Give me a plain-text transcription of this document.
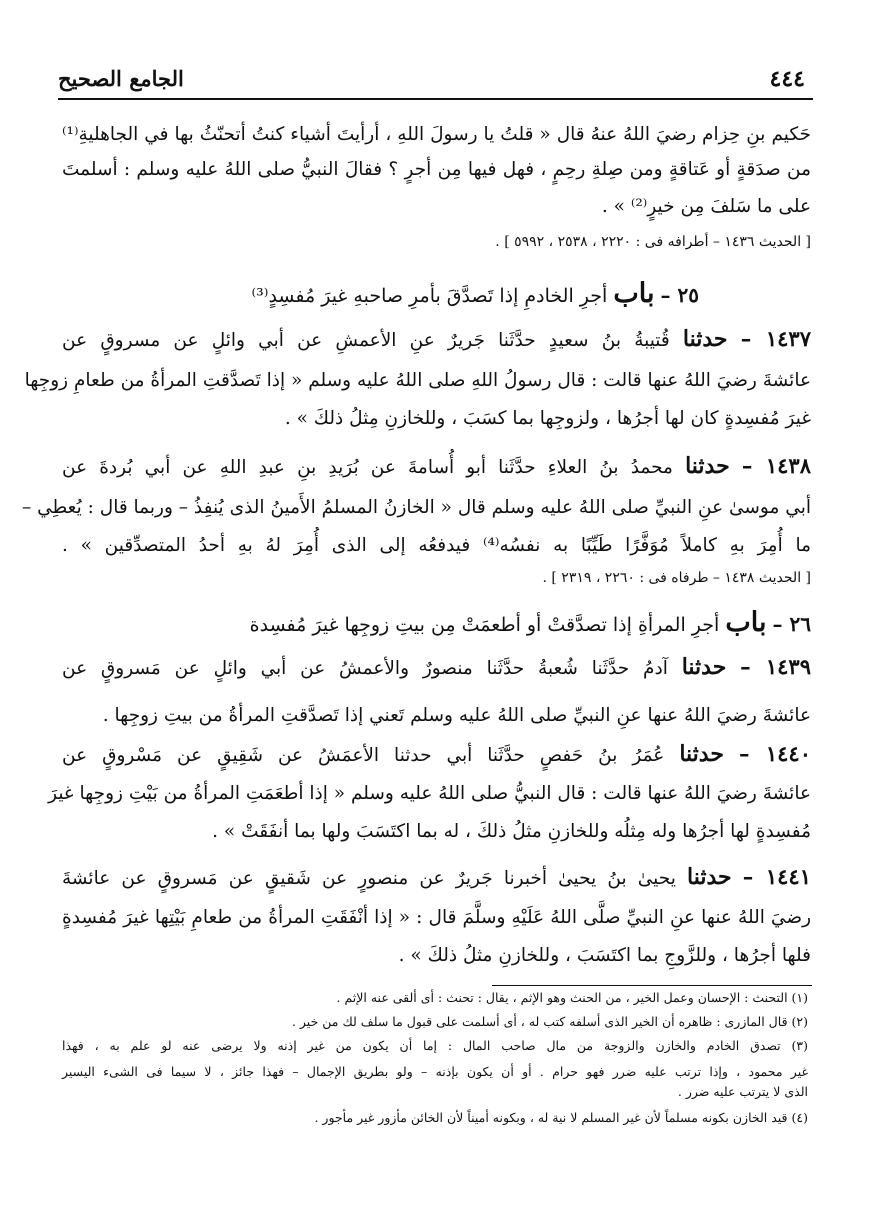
الجامع الصحيح	٤٤٤
حَكيم بنِ حِزام رضيَ اللهُ عنهُ قال « قلتُ يا رسولَ اللهِ ، أرأيتَ أشياء كنتُ أتحنّثُ بها في الجاهليةِ⁽¹⁾
من صدَقةٍ أو عَتاقةٍ ومن صِلةِ رحِمٍ ، فهل فيها مِن أجرٍ ؟ فقالَ النبيُّ صلى اللهُ عليه وسلم : أسلمتَ
على ما سَلفَ مِن خيرٍ⁽²⁾ » .
[ الحديث ١٤٣٦ – أطرافه فى : ٢٢٢٠ ، ٢٥٣٨ ، ٥٩٩٢ ] .
٢٥ – باب أجرِ الخادمِ إذا تَصدَّقَ بأمرِ صاحبهِ غيرَ مُفسِدٍ⁽³⁾
١٤٣٧ – حدثنا قُتيبةُ بنُ سعيدٍ حدَّثَنا جَريرٌ عنِ الأعمشِ عن أبي وائلٍ عن مسروقٍ عن
عائشةَ رضيَ اللهُ عنها قالت : قال رسولُ اللهِ صلى اللهُ عليه وسلم « إذا تَصدَّقتِ المرأةُ من طعامِ زوجِها
غيرَ مُفسِدةٍ كان لها أجرُها ، ولزوجِها بما كسَبَ ، وللخازنِ مِثلُ ذلكَ » .
١٤٣٨ – حدثنا محمدُ بنُ العلاءِ حدَّثَنا أبو أُسامةَ عن بُرَيدِ بنِ عبدِ اللهِ عن أبي بُردةَ عن
أبي موسىٰ عنِ النبيِّ صلى اللهُ عليه وسلم قال « الخازنُ المسلمُ الأَمينُ الذى يُنفِذُ – وربما قال : يُعطِي –
ما أُمِرَ بهِ كاملاً مُوَفَّرًا طَيِّبًا به نفسُه⁽⁴⁾ فيدفعُه إلى الذى أُمِرَ لهُ بهِ أحدُ المتصدِّقين » .
[ الحديث ١٤٣٨ – طرفاه فى : ٢٢٦٠ ، ٢٣١٩ ] .
٢٦ – باب أجرِ المرأةِ إذا تصدَّقتْ أو أطعمَتْ مِن بيتِ زوجِها غيرَ مُفسِدة
١٤٣٩ – حدثنا آدمُ حدَّثَنا شُعبةُ حدَّثَنا منصورٌ والأعمشُ عن أبي وائلٍ عن مَسروقٍ عن
عائشةَ رضيَ اللهُ عنها عنِ النبيِّ صلى اللهُ عليه وسلم تَعني إذا تَصدَّقتِ المرأةُ من بيتِ زوجِها .
١٤٤٠ – حدثنا عُمَرُ بنُ حَفصٍ حدَّثَنا أبي حدثنا الأعمَشُ عن شَقِيقٍ عن مَسْروقٍ عن
عائشةَ رضيَ اللهُ عنها قالت : قال النبيُّ صلى اللهُ عليه وسلم « إذا أطعَمَتِ المرأةُ من بَيْتِ زوجِها غيرَ
مُفسِدةٍ لها أجرُها وله مِثلُه وللخازنِ مثلُ ذلكَ ، له بما اكتَسَبَ ولها بما أنفَقَتْ » .
١٤٤١ – حدثنا يحيىٰ بنُ يحيىٰ أخبرنا جَريرٌ عن منصورٍ عن شَقيقٍ عن مَسروقٍ عن عائشةَ
رضيَ اللهُ عنها عنِ النبيِّ صلَّى اللهُ عَلَيْهِ وسلَّمَ قال : « إذا أنْفَقَتِ المرأةُ من طعامِ بَيْتِها غيرَ مُفسِدةٍ
فلها أجرُها ، وللزَّوجِ بما اكتَسَبَ ، وللخازنِ مثلُ ذلكَ » .
(١) التحنث : الإحسان وعمل الخير ، من الحنث وهو الإثم ، يقال : تحنث : أى ألقى عنه الإثم .
(٢) قال المازرى : ظاهره أن الخير الذى أسلفه كتب له ، أى أسلمت على قبول ما سلف لك من خير .
(٣) تصدق الخادم والخازن والزوجة من مال صاحب المال : إما أن يكون من غير إذنه ولا يرضى عنه لو علم به ، فهذا
غير محمود ، وإذا ترتب عليه ضرر فهو حرام . أو أن يكون بإذنه – ولو بطريق الإجمال – فهذا جائز ، لا سيما فى الشىء اليسير
الذى لا يترتب عليه ضرر .
(٤) قيد الخازن بكونه مسلماً لأن غير المسلم لا نية له ، وبكونه أميناً لأن الخائن مأزور غير مأجور .
